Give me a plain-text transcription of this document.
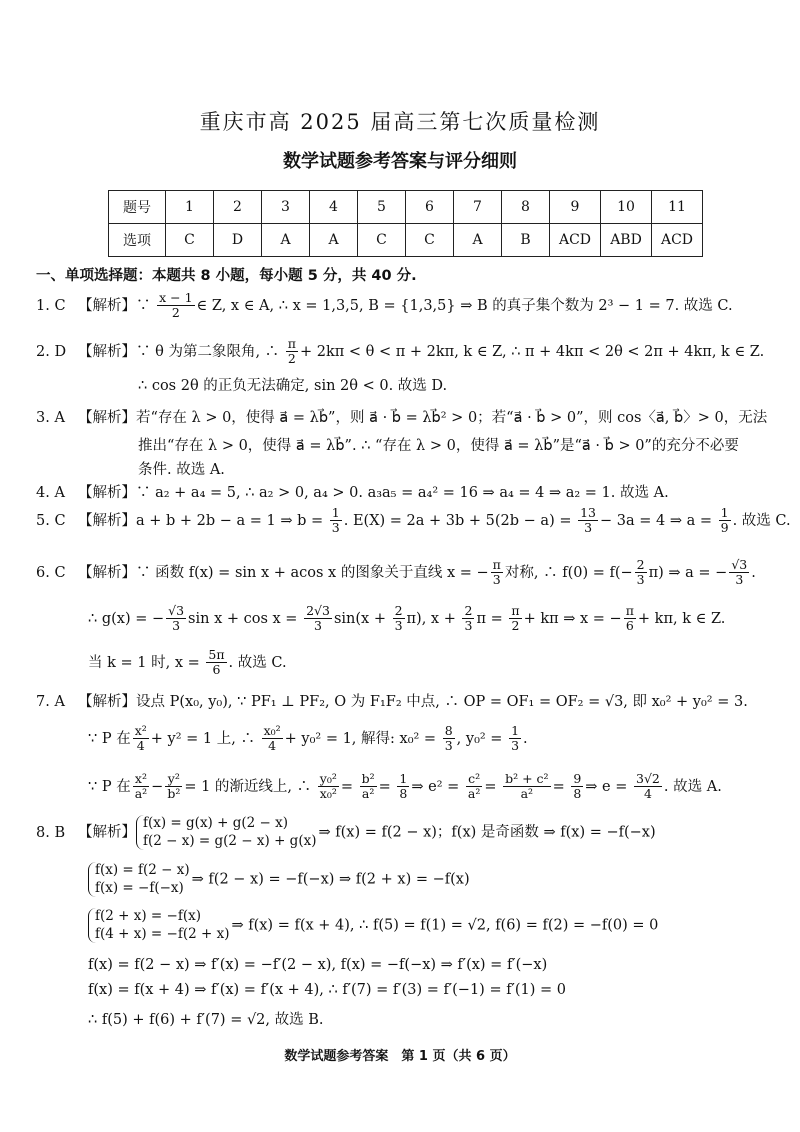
重庆市高 2025 届高三第七次质量检测
数学试题参考答案与评分细则
题号	1	2	3	4	5	6	7	8	9	10	11
选项	C	D	A	A	C	C	A	B	ACD	ABD	ACD
一、单项选择题：本题共 8 小题，每小题 5 分，共 40 分.
1. C 【解析】∵ $\frac{x - 1}{2}$ ∈ Z, x ∈ A, ∴ x = 1,3,5, B = {1,3,5} ⇒ B 的真子集个数为 2³ − 1 = 7. 故选 C.
2. D 【解析】∵ θ 为第二象限角, ∴ $\frac{\pi}{2} + 2k\pi < \theta < \pi + 2k\pi$, k ∈ Z, ∴ π + 4kπ < 2θ < 2π + 4kπ, k ∈ Z.
∴ cos 2θ 的正负无法确定, sin 2θ < 0. 故选 D.
3. A 【解析】若“存在 λ > 0，使得 a⃗ = λb⃗”，则 a⃗ · b⃗ = λb⃗² > 0；若“a⃗ · b⃗ > 0”，则 cos〈a⃗, b⃗〉> 0，无法
推出“存在 λ > 0，使得 a⃗ = λb⃗”. ∴ “存在 λ > 0，使得 a⃗ = λb⃗”是“a⃗ · b⃗ > 0”的充分不必要
条件. 故选 A.
4. A 【解析】∵ a₂ + a₄ = 5, ∴ a₂ > 0, a₄ > 0. a₃a₅ = a₄² = 16 ⇒ a₄ = 4 ⇒ a₂ = 1. 故选 A.
5. C 【解析】a + b + 2b − a = 1 ⇒ $b = \frac{1}{3}$ . $E(X) = 2a + 3b + 5(2b - a) = \frac{13}{3} - 3a = 4$ ⇒ $a = \frac{1}{9}$ . 故选 C.
6. C 【解析】∵ 函数 f(x) = sin x + acos x 的图象关于直线 x = − $\frac{\pi}{3}$ 对称, ∴ $f(0) = f(- \frac{2}{3} \pi)$ ⇒ a = − $\frac{√3}{3}$ .
∴ g(x) = − $\frac{√3}{3}$ $\sin x + \cos x = \frac{2√3}{3} \sin(x + \frac{2}{3} \pi)$, $x + \frac{2}{3}$ $\pi = \frac{\pi}{2} + k\pi$ ⇒ x = − $\frac{\pi}{6} + k\pi$, k ∈ Z.
当 k = 1 时, $x = \frac{5\pi}{6}$ . 故选 C.
7. A 【解析】设点 P(x₀, y₀), ∵ PF₁ ⊥ PF₂, O 为 F₁F₂ 中点, ∴ OP = OF₁ = OF₂ = √3, 即 x₀² + y₀² = 3.
∵ P 在 $\frac{\text{x²}}{4} + y^2 = 1$ 上, ∴ $\frac{\text{x₀²}}{4} + y_0^2 = 1$, 解得: $x_0^2 = \frac{8}{3}$ , $y_0^2 = \frac{1}{3}$ .
∵ P 在 $\frac{\text{x²}}{\text{a²}} - \frac{\text{y²}}{\text{b²}} = 1$ 的渐近线上, ∴ $\frac{\text{y₀²}}{\text{x₀²}} = \frac{\text{b²}}{\text{a²}} = \frac{1}{8}$ ⇒ $e^2 = \frac{\text{c²}}{\text{a²}} = \frac{\text{b² + c²}}{\text{a²}} = \frac{9}{8}$ ⇒ $e = \frac{3√2}{4}$ . 故选 A.
8. B 【解析】
f(x) = g(x) + g(2 − x)
f(2 − x) = g(2 − x) + g(x) ⇒ f(x) = f(2 − x)；f(x) 是奇函数 ⇒ f(x) = −f(−x)
f(x) = f(2 − x)
f(x) = −f(−x) ⇒ f(2 − x) = −f(−x) ⇒ f(2 + x) = −f(x)
f(2 + x) = −f(x)
f(4 + x) = −f(2 + x) ⇒ f(x) = f(x + 4), ∴ f(5) = f(1) = √2, f(6) = f(2) = −f(0) = 0
f(x) = f(2 − x) ⇒ f′(x) = −f′(2 − x), f(x) = −f(−x) ⇒ f′(x) = f′(−x)
f(x) = f(x + 4) ⇒ f′(x) = f′(x + 4), ∴ f′(7) = f′(3) = f′(−1) = f′(1) = 0
∴ f(5) + f(6) + f′(7) = √2, 故选 B.
数学试题参考答案　第 1 页（共 6 页）
